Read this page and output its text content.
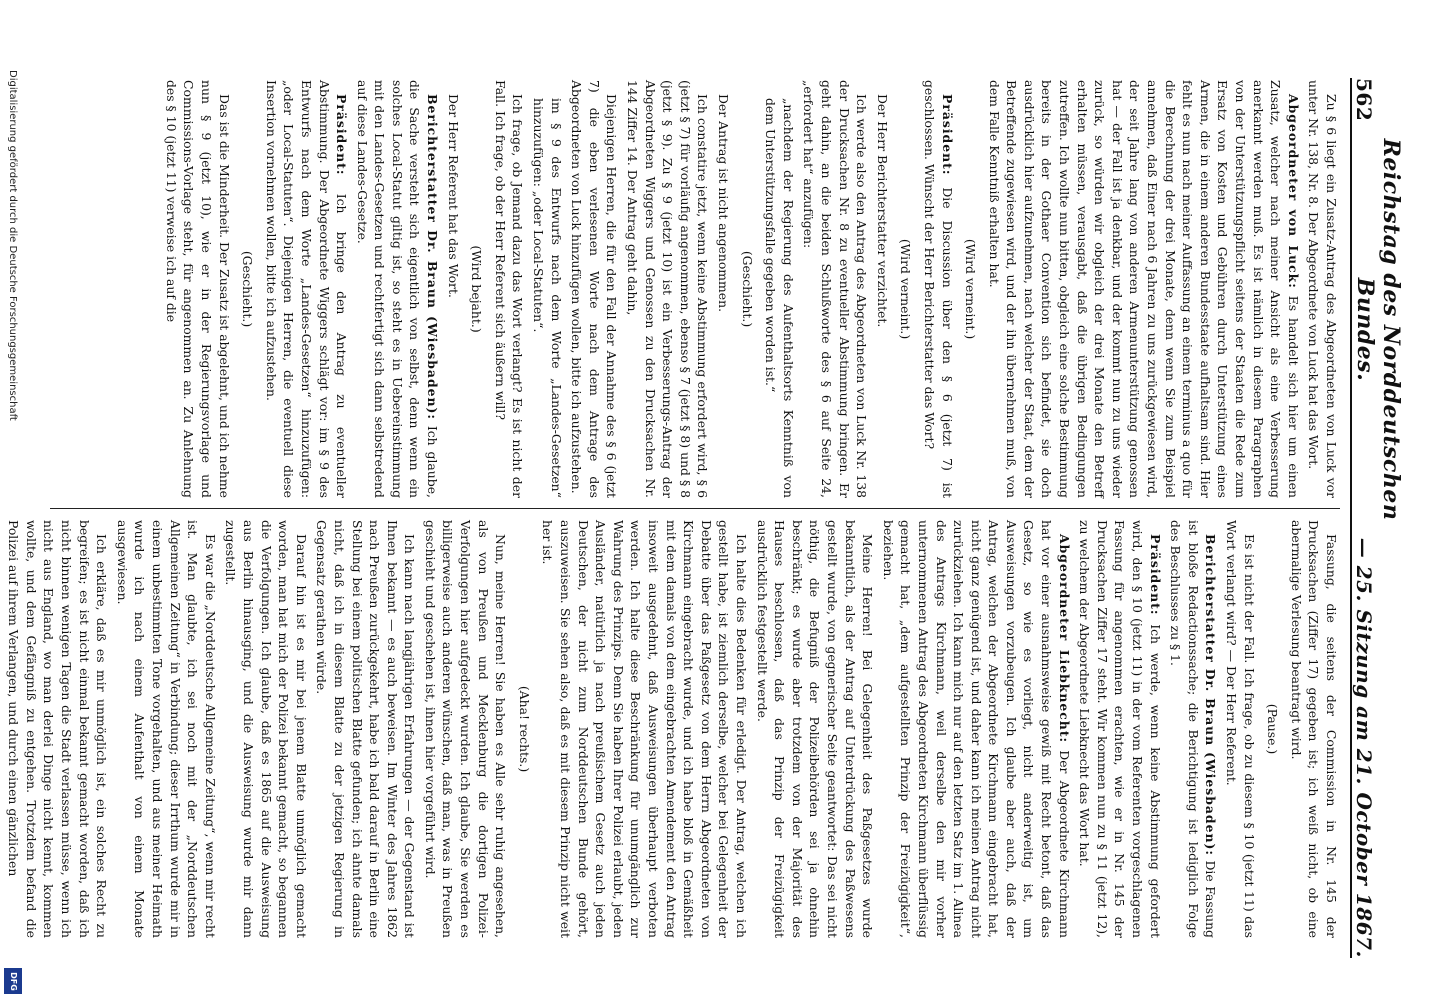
562
Reichstag des Norddeutschen Bundes.
— 25. Sitzung am 21. October 1867.

Zu § 6 liegt ein Zusatz-Antrag des Abgeordneten von Luck vor unter Nr. 138, Nr. 8. Der Abgeordnete von Luck hat das Wort.

Abgeordneter von Luck: Es handelt sich hier um einen Zusatz, welcher nach meiner Ansicht als eine Verbesserung anerkannt werden muß. Es ist nämlich in diesem Paragraphen von der Unterstützungspflicht seitens der Staaten die Rede zum Ersatz von Kosten und Gebühren durch Unterstützung eines Armen, die in einem anderen Bundesstaate aufhaltsam sind. Hier fehlt es nun nach meiner Auffassung an einem terminus a quo für die Berechnung der drei Monate, denn wenn Sie zum Beispiel annehmen, daß Einer nach 6 Jahren zu uns zurückgewiesen wird, der seit Jahre lang von anderen Armenunterstützung genossen hat — der Fall ist ja denkbar, und der kommt nun zu uns wieder zurück, so würden wir obgleich der drei Monate den Betreff erhalten müssen, verausgabt, daß die übrigen Bedingungen zutreffen. Ich wollte nun bitten, obgleich eine solche Bestimmung bereits in der Gothaer Convention sich befindet, sie doch ausdrücklich hier aufzunehmen, nach welcher der Staat, dem der Betreffende zugewiesen wird, und der ihn übernehmen muß, von dem Falle Kenntniß erhalten hat.

(Wird verneint.)

Präsident: Die Discussion über den § 6 (jetzt 7) ist geschlossen. Wünscht der Herr Berichterstatter das Wort?

(Wird verneint.)

Der Herr Berichterstatter verzichtet.

Ich werde also den Antrag des Abgeordneten von Luck Nr. 138 der Drucksachen Nr. 8 zu eventueller Abstimmung bringen. Er geht dahin, an die beiden Schlußworte des § 6 auf Seite 24, „erfordert hat“ anzufügen:

„nachdem der Regierung des Aufenthaltsorts Kenntniß von dem Unterstützungsfalle gegeben worden ist.“

(Geschieht.)

Der Antrag ist nicht angenommen.

Ich constatire jetzt, wenn keine Abstimmung erfordert wird, § 6 (jetzt § 7) für vorläufig angenommen, ebenso § 7 (jetzt § 8) und § 8 (jetzt § 9). Zu § 9 (jetzt 10) ist ein Verbesserungs-Antrag der Abgeordneten Wiggers und Genossen zu den Drucksachen Nr. 144 Ziffer 14. Der Antrag geht dahin,

Diejenigen Herren, die für den Fall der Annahme des § 6 (jetzt 7) die eben verlesenen Worte nach dem Antrage des Abgeordneten von Luck hinzufügen wollen, bitte ich aufzustehen.

im § 9 des Entwurfs nach dem Worte „Landes-Gesetzen“ hinzuzufügen: „oder Local-Statuten“.

Ich frage, ob Jemand dazu das Wort verlangt? Es ist nicht der Fall. Ich frage, ob der Herr Referent sich äußern will?

(Wird bejaht.)

Der Herr Referent hat das Wort.

Berichterstatter Dr. Braun (Wiesbaden): Ich glaube, die Sache versteht sich eigentlich von selbst, denn wenn ein solches Local-Statut giltig ist, so steht es in Uebereinstimmung mit den Landes-Gesetzen und rechtfertigt sich dann selbstredend auf diese Landes-Gesetze.

Präsident: Ich bringe den Antrag zu eventueller Abstimmung. Der Abgeordnete Wiggers schlägt vor: im § 9 des Entwurfs nach dem Worte „Landes-Gesetzen“ hinzuzufügen: „oder Local-Statuten“. Diejenigen Herren, die eventuell diese Insertion vornehmen wollen, bitte ich aufzustehen.

(Geschieht.)

Das ist die Minderheit. Der Zusatz ist abgelehnt, und ich nehme nun § 9 (jetzt 10), wie er in der Regierungsvorlage und Commissions-Vorlage steht, für angenommen an. Zu Anlehnung des § 10 (jetzt 11) verweise ich auf die

Fassung, die seitens der Commission in Nr. 145 der Drucksachen (Ziffer 17) gegeben ist; ich weiß nicht, ob eine abermalige Verlesung beantragt wird.

(Pause.)

Es ist nicht der Fall. Ich frage, ob zu diesem § 10 (jetzt 11) das Wort verlangt wird? — Der Herr Referent.

Berichterstatter Dr. Braun (Wiesbaden): Die Fassung ist bloße Redactionssache; die Berichtigung ist lediglich Folge des Beschlusses zu § 1.

Präsident: Ich werde, wenn keine Abstimmung gefordert wird, den § 10 (jetzt 11) in der vom Referenten vorgeschlagenen Fassung für angenommen erachten, wie er in Nr. 145 der Drucksachen Ziffer 17 steht. Wir kommen nun zu § 11 (jetzt 12), zu welchem der Abgeordnete Liebknecht das Wort hat.

Abgeordneter Liebknecht: Der Abgeordnete Kirchmann hat vor einer ausnahmsweise gewiß mit Recht betont, daß das Gesetz, so wie es vorliegt, nicht anderweitig ist, um Ausweisungen vorzubeugen. Ich glaube aber auch, daß der Antrag, welchen der Abgeordnete Kirchmann eingebracht hat, nicht ganz genügend ist, und daher kann ich meinen Antrag nicht zurückziehen. Ich kann mich nur auf den letzten Satz im 1. Alinea des Antrags Kirchmann, weil derselbe den mir vorher unternommenen Antrag des Abgeordneten Kirchmann überflüssig gemacht hat, „dem aufgestellten Prinzip der Freizügigkeit“, beziehen.

Meine Herren! Bei Gelegenheit des Paßgesetzes wurde bekanntlich, als der Antrag auf Unterdrückung des Paßwesens gestellt wurde, von gegnerischer Seite geantwortet: Das sei nicht nöthig, die Befugniß der Polizeibehörden sei ja ohnehin beschränkt; es wurde aber trotzdem von der Majorität des Hauses beschlossen, daß das Prinzip der Freizügigkeit ausdrücklich festgestellt werde.

Ich halte dies Bedenken für erledigt. Der Antrag, welchen ich gestellt habe, ist ziemlich derselbe, welcher bei Gelegenheit der Debatte über das Paßgesetz von dem Herrn Abgeordneten von Kirchmann eingebracht wurde, und ich habe bloß in Gemäßheit mit dem damals von dem eingebrachten Amendement den Antrag insoweit ausgedehnt, daß Ausweisungen überhaupt verboten werden. Ich halte diese Beschränkung für unumgänglich zur Wahrung des Prinzips. Denn Sie haben Ihrer Polizei erlaubt, jeden Ausländer, natürlich ja nach preußischem Gesetz auch jeden Deutschen, der nicht zum Norddeutschen Bunde gehört, auszuweisen. Sie sehen also, daß es mit diesem Prinzip nicht weit her ist.

(Aha! rechts.)

Nun, meine Herren! Sie haben es Alle sehr ruhig angesehen, als von Preußen und Mecklenburg die dortigen Polizei-Verfolgungen hier aufgedeckt wurden. Ich glaube, Sie werden es billigerweise auch anderen wünschen, daß man, was in Preußen geschieht und geschehen ist, ihnen hier vorgeführt wird.

Ich kann nach langjährigen Erfahrungen — der Gegenstand ist Ihnen bekannt — es auch beweisen. Im Winter des Jahres 1862 nach Preußen zurückgekehrt, habe ich bald darauf in Berlin eine Stellung bei einem politischen Blatte gefunden; ich ahnte damals nicht, daß ich in diesem Blatte zu der jetzigen Regierung in Gegensatz gerathen würde.

Darauf hin ist es mir bei jenem Blatte unmöglich gemacht worden, man hat mich der Polizei bekannt gemacht, so begannen die Verfolgungen. Ich glaube, daß es 1865 auf die Ausweisung aus Berlin hinausging, und die Ausweisung wurde mir dann zugestellt.

Es war die „Norddeutsche Allgemeine Zeitung“, wenn mir recht ist. Man glaubte, ich sei noch mit der „Norddeutschen Allgemeinen Zeitung“ in Verbindung; dieser Irrthum wurde mir in einem unbestimmten Tone vorgehalten, und aus meiner Heimath wurde ich nach einem Aufenthalt von einem Monate ausgewiesen.

Ich erkläre, daß es mir unmöglich ist, ein solches Recht zu begreifen; es ist nicht einmal bekannt gemacht worden, daß ich nicht binnen wenigen Tagen die Stadt verlassen müsse, wenn ich nicht aus England, wo man derlei Dinge nicht kennt, kommen wollte, und dem Gefängniß zu entgehen. Trotzdem befand die Polizei auf ihrem Verlangen, und durch einen gänzlichen

Digitalisierung gefördert durch die Deutsche Forschungsgemeinschaft
DFG
